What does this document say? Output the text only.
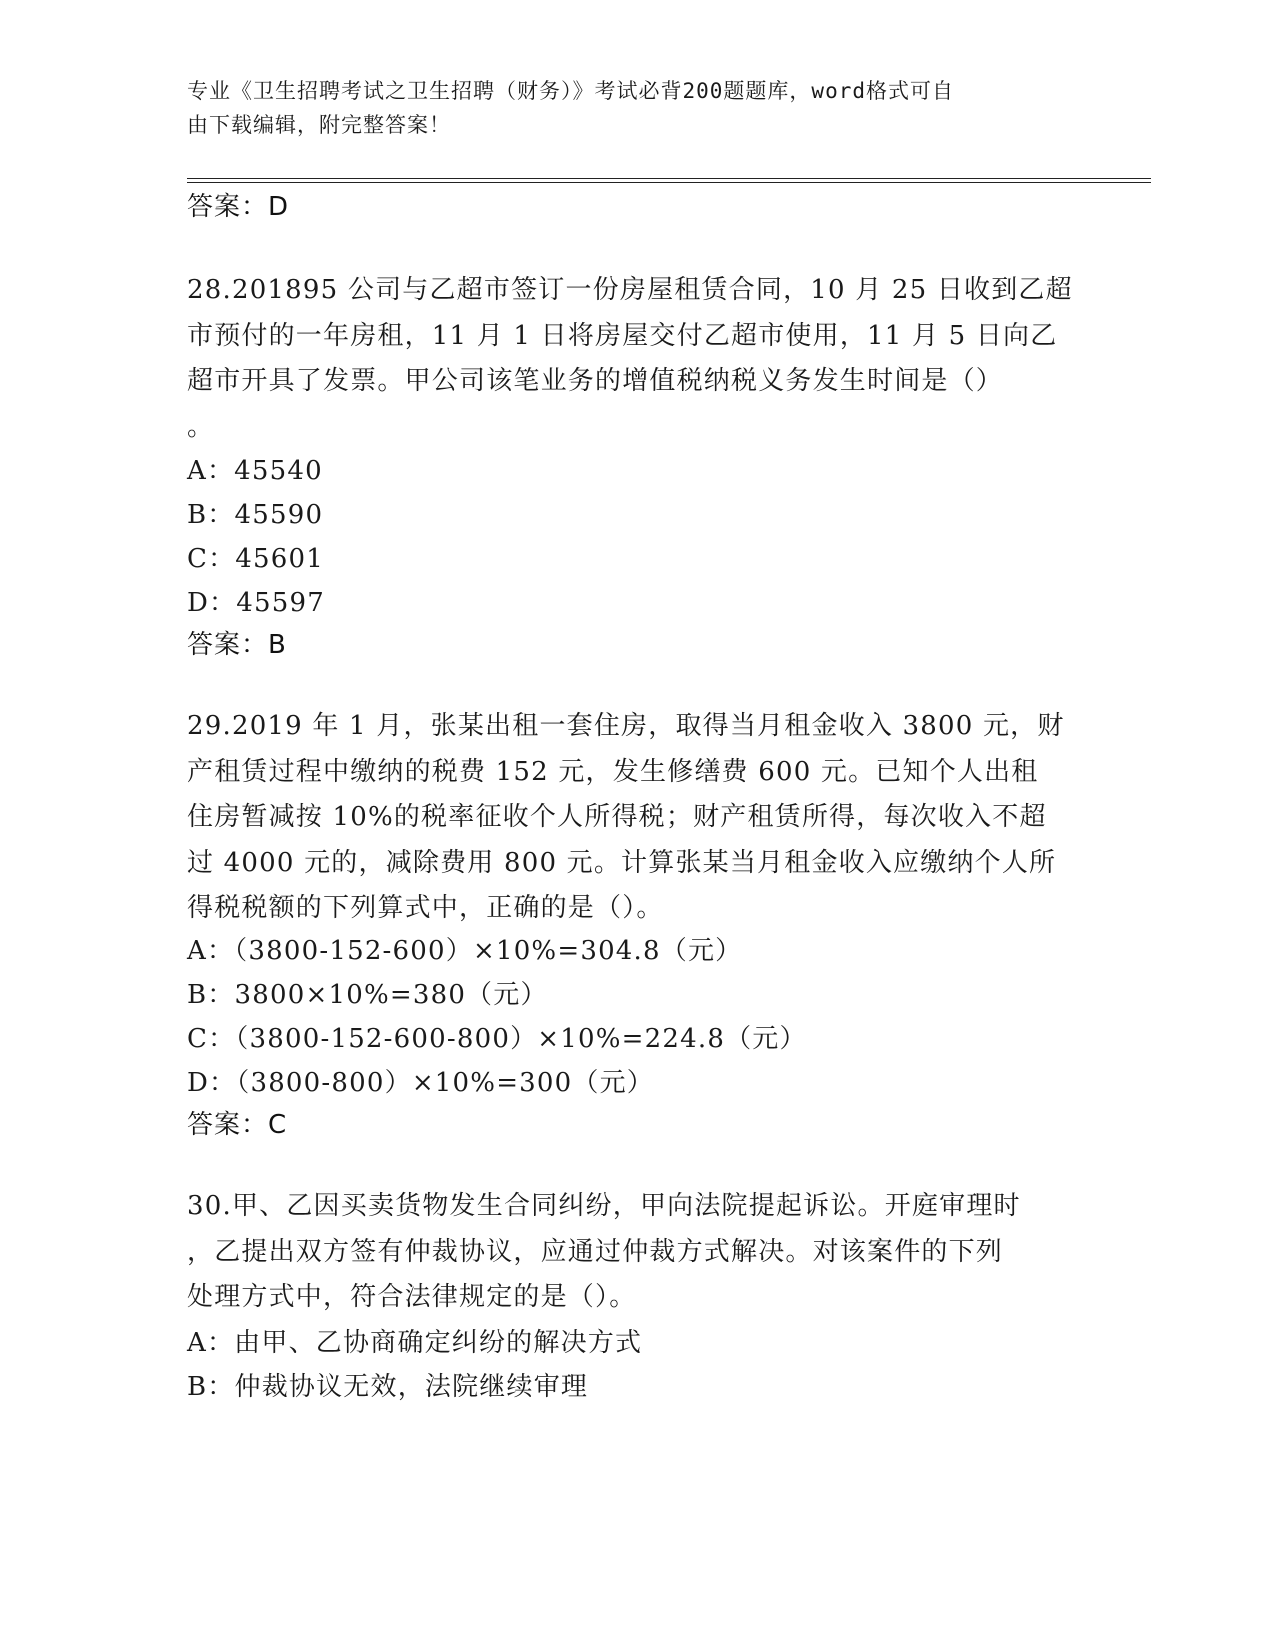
专业《卫生招聘考试之卫生招聘（财务）》考试必背200题题库，word格式可自
由下载编辑，附完整答案！
答案：D
28.201895 公司与乙超市签订一份房屋租赁合同，10 月 25 日收到乙超
市预付的一年房租，11 月 1 日将房屋交付乙超市使用，11 月 5 日向乙
超市开具了发票。甲公司该笔业务的增值税纳税义务发生时间是（）
。
A：45540
B：45590
C：45601
D：45597
答案：B
29.2019 年 1 月，张某出租一套住房，取得当月租金收入 3800 元，财
产租赁过程中缴纳的税费 152 元，发生修缮费 600 元。已知个人出租
住房暂减按 10%的税率征收个人所得税；财产租赁所得，每次收入不超
过 4000 元的，减除费用 800 元。计算张某当月租金收入应缴纳个人所
得税税额的下列算式中，正确的是（）。
A：（3800-152-600）×10%=304.8（元）
B：3800×10%=380（元）
C：（3800-152-600-800）×10%=224.8（元）
D：（3800-800）×10%=300（元）
答案：C
30.甲、乙因买卖货物发生合同纠纷，甲向法院提起诉讼。开庭审理时
，乙提出双方签有仲裁协议，应通过仲裁方式解决。对该案件的下列
处理方式中，符合法律规定的是（）。
A：由甲、乙协商确定纠纷的解决方式
B：仲裁协议无效，法院继续审理
